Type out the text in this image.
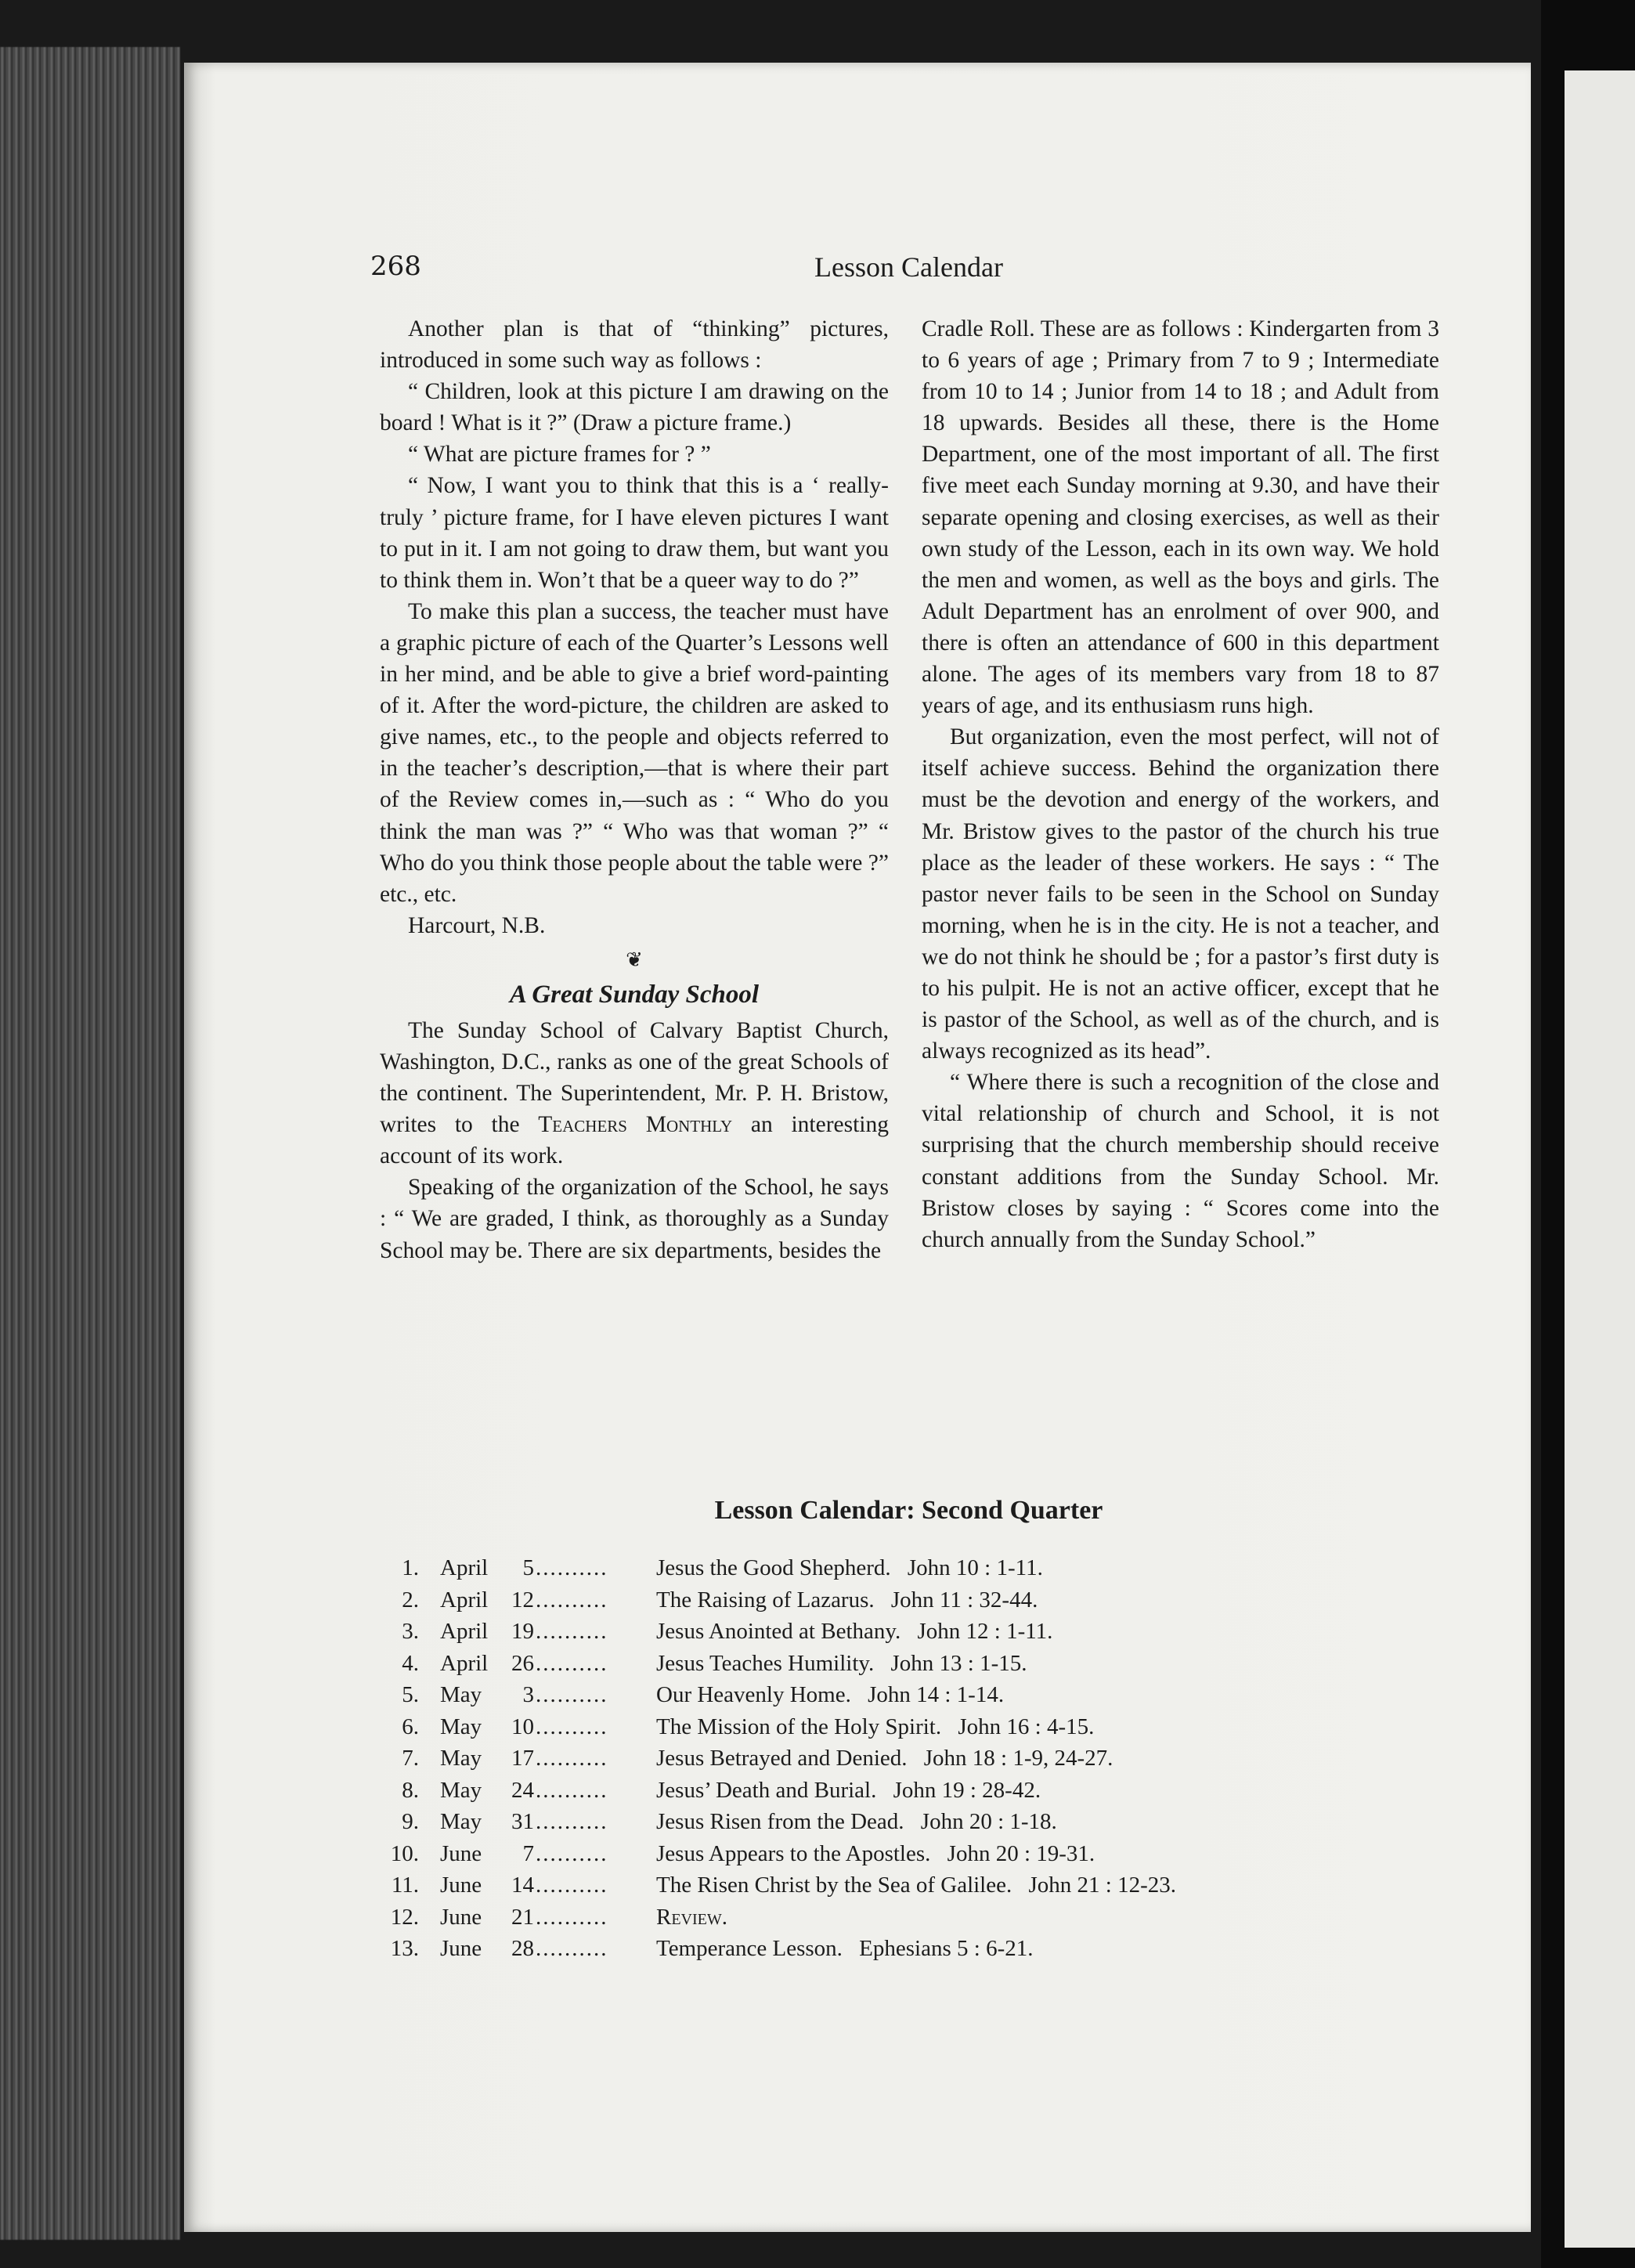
268	Lesson Calendar

Another plan is that of “thinking” pictures, introduced in some such way as follows :

“ Children, look at this picture I am drawing on the board ! What is it ?” (Draw a picture frame.)

“ What are picture frames for ? ”

“ Now, I want you to think that this is a ‘ really-truly ’ picture frame, for I have eleven pictures I want to put in it. I am not going to draw them, but want you to think them in. Won’t that be a queer way to do ?”

To make this plan a success, the teacher must have a graphic picture of each of the Quarter’s Lessons well in her mind, and be able to give a brief word-painting of it. After the word-picture, the children are asked to give names, etc., to the people and objects referred to in the teacher’s description,—that is where their part of the Review comes in,—such as : “ Who do you think the man was ?” “ Who was that woman ?” “ Who do you think those people about the table were ?” etc., etc.

Harcourt, N.B.

❦
A Great Sunday School

The Sunday School of Calvary Baptist Church, Washington, D.C., ranks as one of the great Schools of the continent. The Superintendent, Mr. P. H. Bristow, writes to the Teachers Monthly an interesting account of its work.

Speaking of the organization of the School, he says : “ We are graded, I think, as thoroughly as a Sunday School may be. There are six departments, besides the

Cradle Roll. These are as follows : Kindergarten from 3 to 6 years of age ; Primary from 7 to 9 ; Intermediate from 10 to 14 ; Junior from 14 to 18 ; and Adult from 18 upwards. Besides all these, there is the Home Department, one of the most important of all. The first five meet each Sunday morning at 9.30, and have their separate opening and closing exercises, as well as their own study of the Lesson, each in its own way. We hold the men and women, as well as the boys and girls. The Adult Department has an enrolment of over 900, and there is often an attendance of 600 in this department alone. The ages of its members vary from 18 to 87 years of age, and its enthusiasm runs high.

But organization, even the most perfect, will not of itself achieve success. Behind the organization there must be the devotion and energy of the workers, and Mr. Bristow gives to the pastor of the church his true place as the leader of these workers. He says : “ The pastor never fails to be seen in the School on Sunday morning, when he is in the city. He is not a teacher, and we do not think he should be ; for a pastor’s first duty is to his pulpit. He is not an active officer, except that he is pastor of the School, as well as of the church, and is always recognized as its head”.

“ Where there is such a recognition of the close and vital relationship of church and School, it is not surprising that the church membership should receive constant additions from the Sunday School. Mr. Bristow closes by saying : “ Scores come into the church annually from the Sunday School.”

Lesson Calendar: Second Quarter
1. April	5 ..........	Jesus the Good Shepherd. John 10 : 1-11.
2. April	12 ..........	The Raising of Lazarus. John 11 : 32-44.
3. April	19 ..........	Jesus Anointed at Bethany. John 12 : 1-11.
4. April	26 ..........	Jesus Teaches Humility. John 13 : 1-15.
5. May	3 ..........	Our Heavenly Home. John 14 : 1-14.
6. May	10 ..........	The Mission of the Holy Spirit. John 16 : 4-15.
7. May	17 ..........	Jesus Betrayed and Denied. John 18 : 1-9, 24-27.
8. May	24 ..........	Jesus’ Death and Burial. John 19 : 28-42.
9. May	31 ..........	Jesus Risen from the Dead. John 20 : 1-18.
10. June	7 ..........	Jesus Appears to the Apostles. John 20 : 19-31.
11. June	14 ..........	The Risen Christ by the Sea of Galilee. John 21 : 12-23.
12. June	21 ..........	Review.
13. June	28 ..........	Temperance Lesson. Ephesians 5 : 6-21.
